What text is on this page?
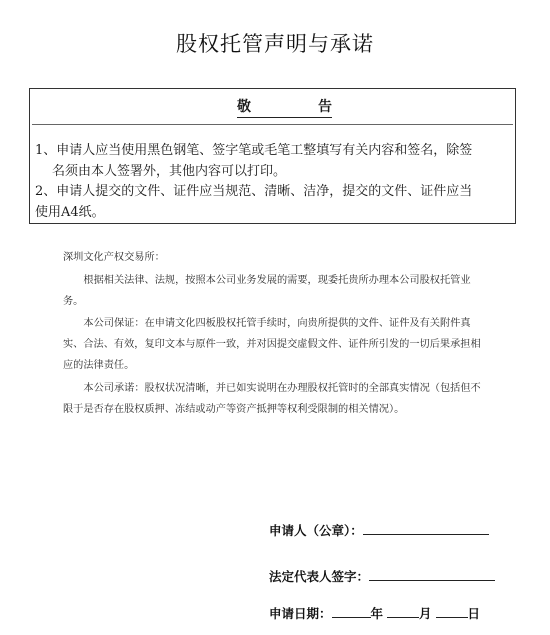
股权托管声明与承诺
敬	告
1、申请人应当使用黑色钢笔、签字笔或毛笔工整填写有关内容和签名，除签
名须由本人签署外，其他内容可以打印。
2、申请人提交的文件、证件应当规范、清晰、洁净，提交的文件、证件应当
使用A4纸。

深圳文化产权交易所：

根据相关法律、法规，按照本公司业务发展的需要，现委托贵所办理本公司股权托管业务。

本公司保证：在申请文化四板股权托管手续时，向贵所提供的文件、证件及有关附件真实、合法、有效，复印文本与原件一致，并对因提交虚假文件、证件所引发的一切后果承担相应的法律责任。

本公司承诺：股权状况清晰，并已如实说明在办理股权托管时的全部真实情况（包括但不限于是否存在股权质押、冻结或动产等资产抵押等权利受限制的相关情况）。

申请人（公章）：
法定代表人签字：
申请日期：	年	月	日
